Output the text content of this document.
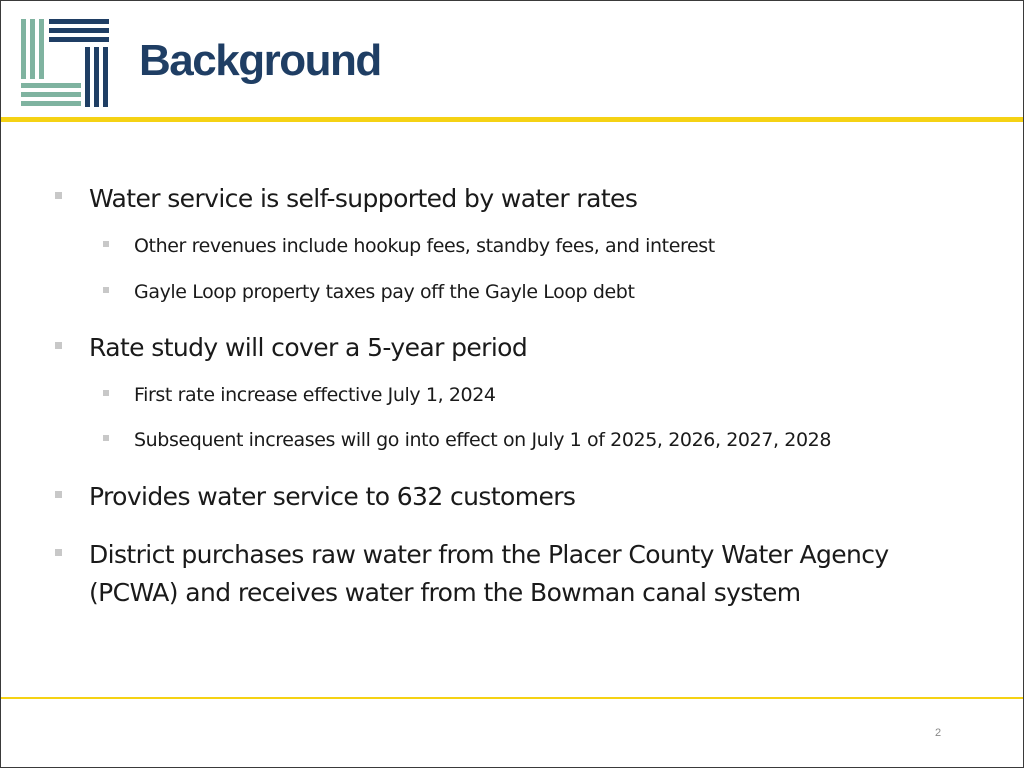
Background
Water service is self-supported by water rates
Other revenues include hookup fees, standby fees, and interest
Gayle Loop property taxes pay off the Gayle Loop debt
Rate study will cover a 5-year period
First rate increase effective July 1, 2024
Subsequent increases will go into effect on July 1 of 2025, 2026, 2027, 2028
Provides water service to 632 customers
District purchases raw water from the Placer County Water Agency (PCWA) and receives water from the Bowman canal system
2
